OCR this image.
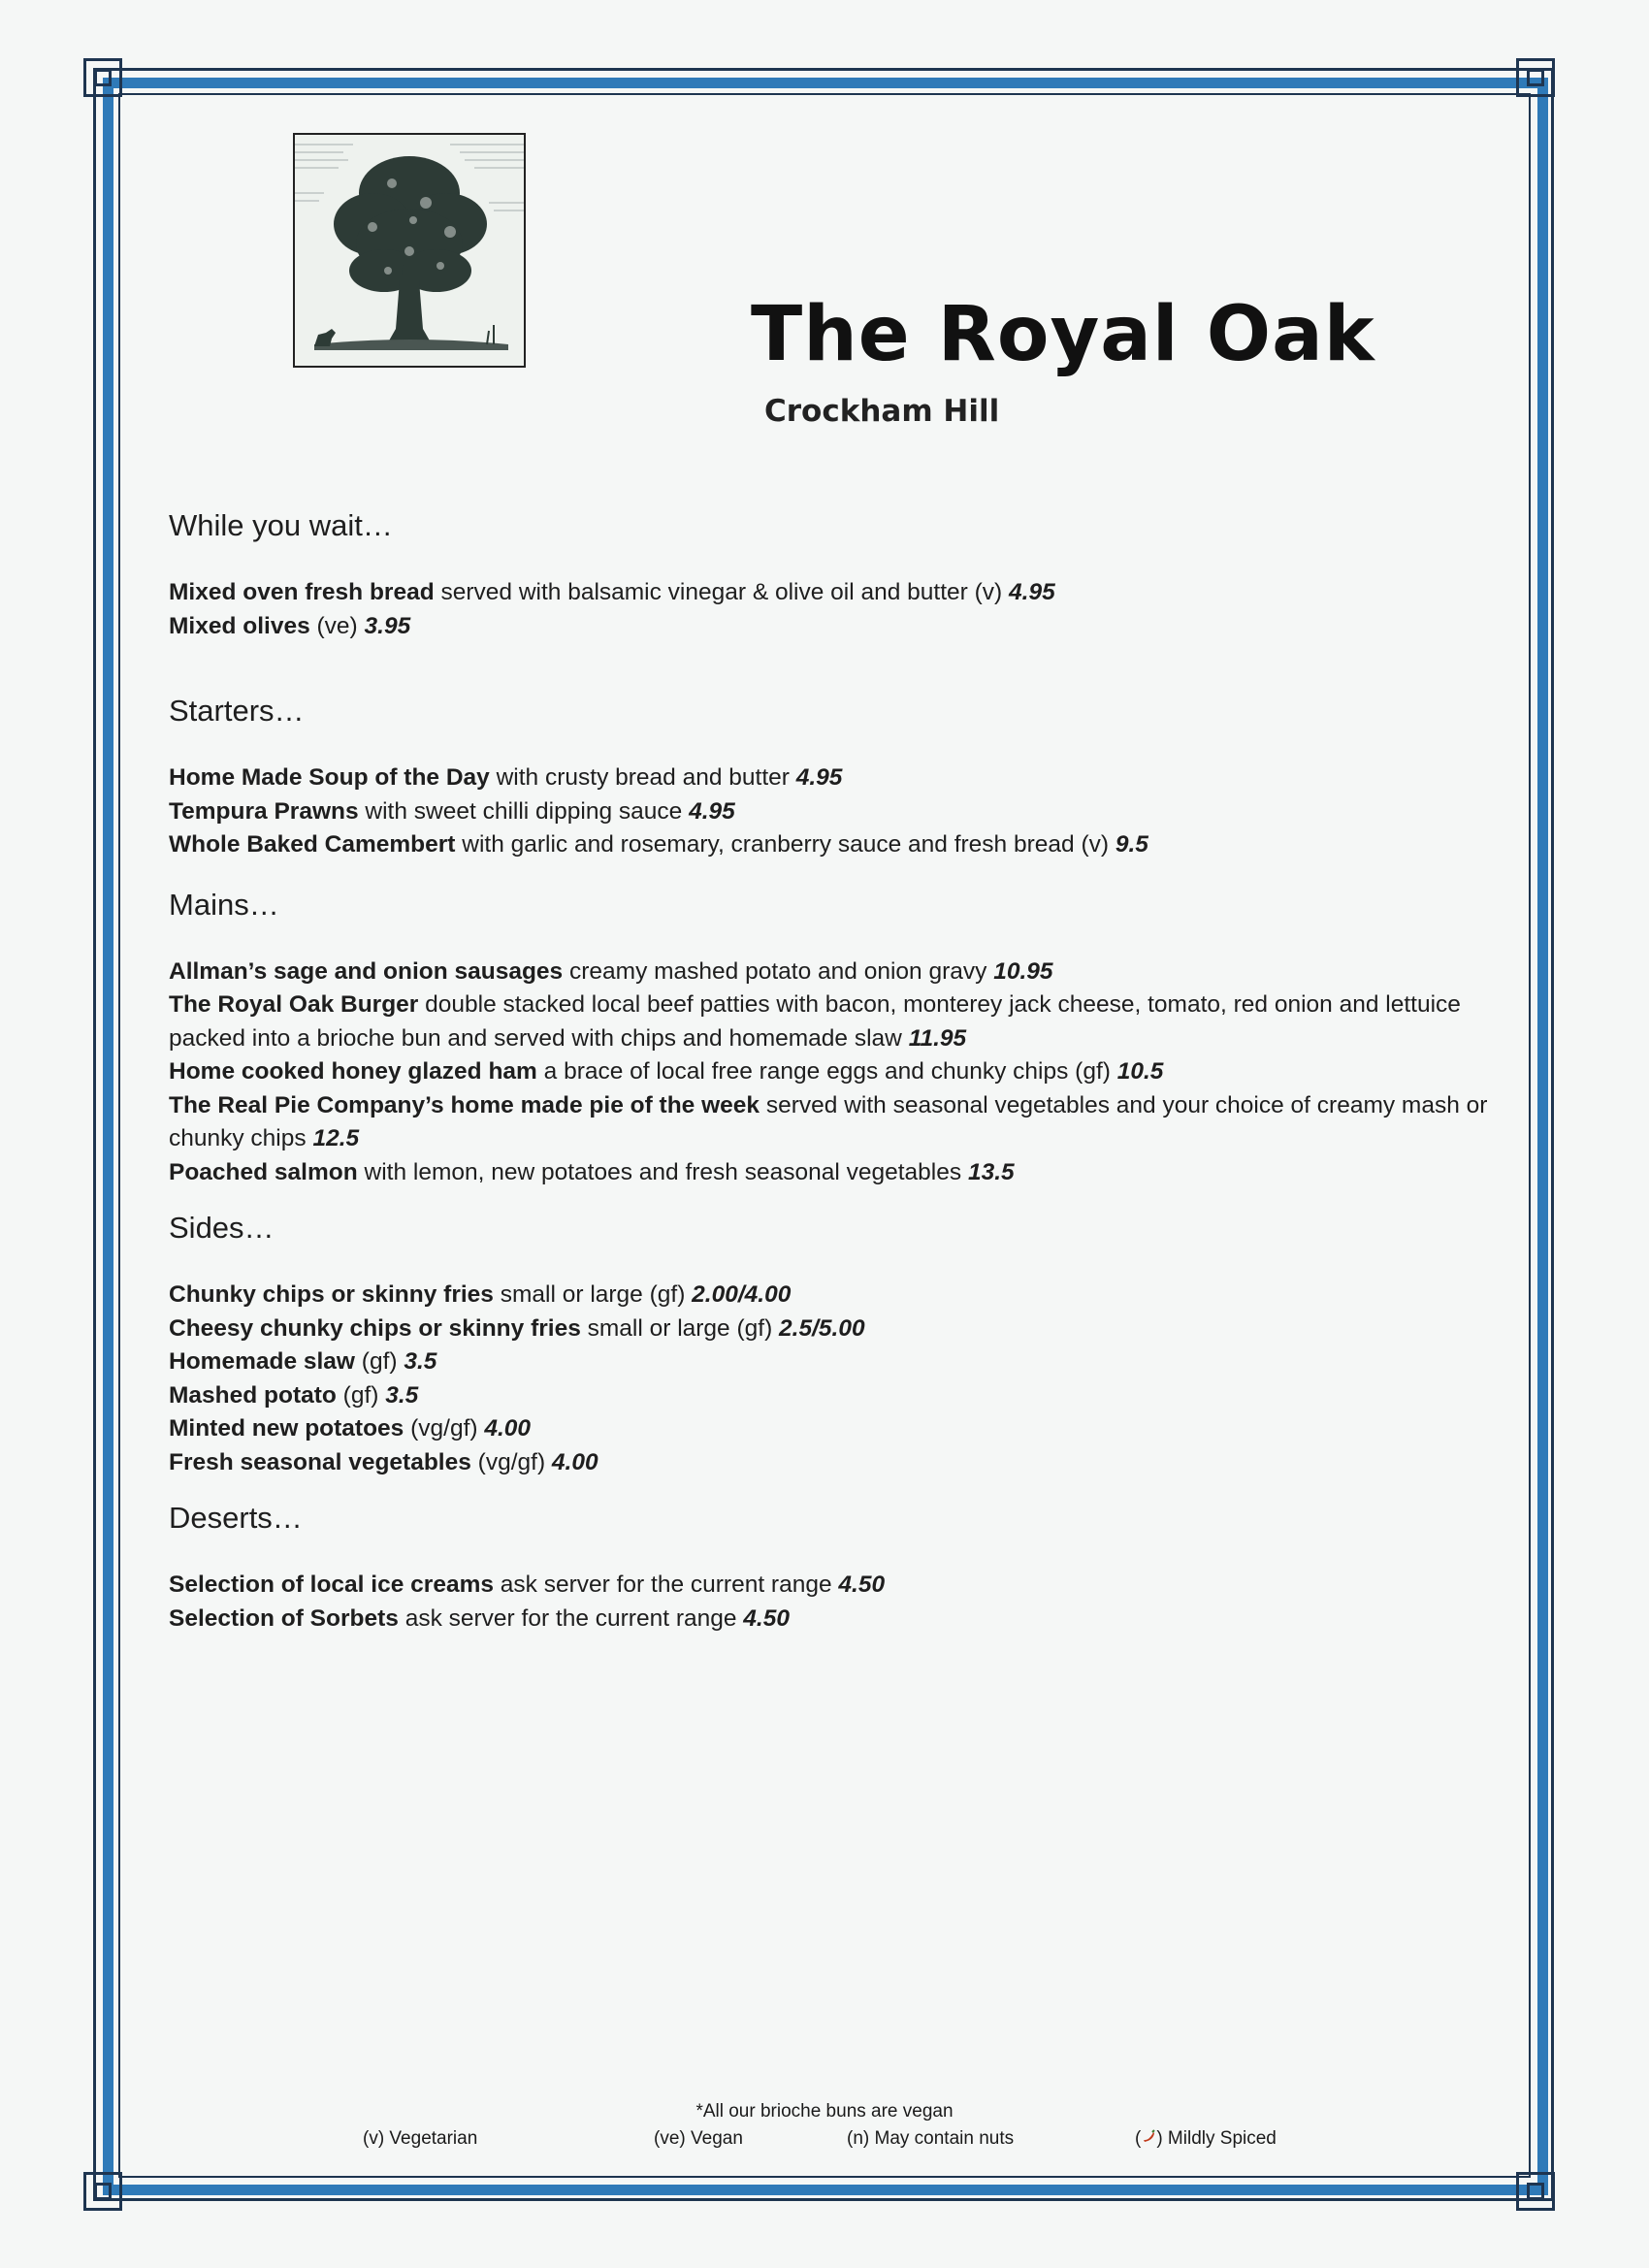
The Royal Oak
Crockham Hill
While you wait…
Mixed oven fresh bread served with balsamic vinegar & olive oil and butter (v) 4.95
Mixed olives (ve) 3.95
Starters…
Home Made Soup of the Day with crusty bread and butter 4.95
Tempura Prawns with sweet chilli dipping sauce 4.95
Whole Baked Camembert with garlic and rosemary, cranberry sauce and fresh bread (v) 9.5
Mains…
Allman’s sage and onion sausages creamy mashed potato and onion gravy 10.95
The Royal Oak Burger double stacked local beef patties with bacon, monterey jack cheese, tomato, red onion and lettuice packed into a brioche bun and served with chips and homemade slaw 11.95
Home cooked honey glazed ham a brace of local free range eggs and chunky chips (gf) 10.5
The Real Pie Company’s home made pie of the week served with seasonal vegetables and your choice of creamy mash or chunky chips 12.5
Poached salmon with lemon, new potatoes and fresh seasonal vegetables 13.5
Sides…
Chunky chips or skinny fries small or large (gf) 2.00/4.00
Cheesy chunky chips or skinny fries small or large (gf) 2.5/5.00
Homemade slaw (gf) 3.5
Mashed potato (gf) 3.5
Minted new potatoes (vg/gf) 4.00
Fresh seasonal vegetables (vg/gf) 4.00
Deserts…
Selection of local ice creams ask server for the current range 4.50
Selection of Sorbets ask server for the current range 4.50
*All our brioche buns are vegan
(v) Vegetarian	(ve) Vegan	(n) May contain nuts	( ) Mildly Spiced
